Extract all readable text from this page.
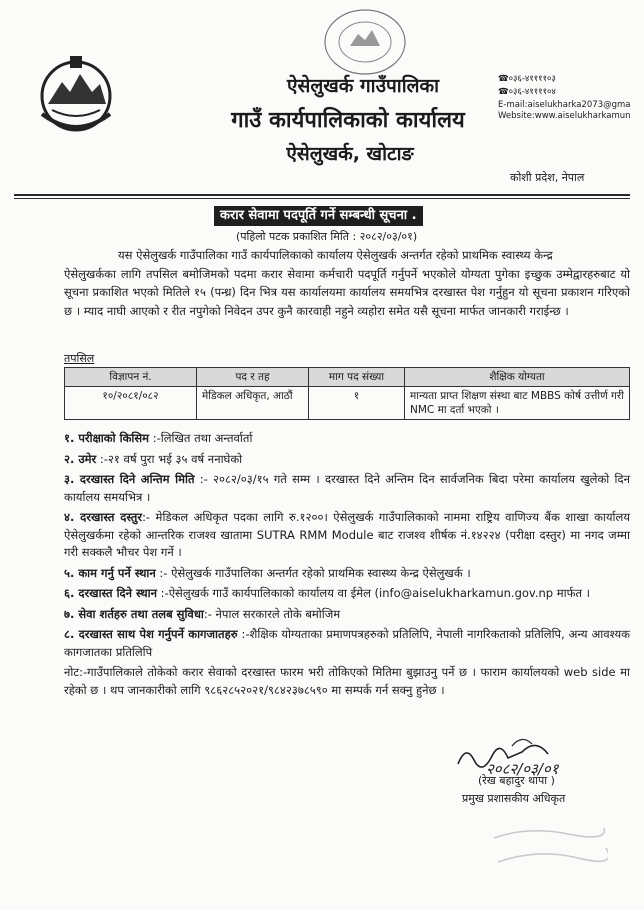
ऐसेलुखर्क गाउँपालिका
गाउँ कार्यपालिकाको कार्यालय
ऐसेलुखर्क, खोटाङ
☎०३६-४११११०३
☎०३६-४११११०४
E-mail:aiselukharka2073@gma
Website:www.aiselukharkamun
कोशी प्रदेश, नेपाल
करार सेवामा पदपूर्ति गर्ने सम्बन्धी सूचना .
(पहिलो पटक प्रकाशित मिति : २०८२/०३/०१)
यस ऐसेलुखर्क गाउँपालिका गाउँ कार्यपालिकाको कार्यालय ऐसेलुखर्क अन्तर्गत रहेको प्राथमिक स्वास्थ्य केन्द्र
ऐसेलुखर्कका लागि तपसिल बमोजिमको पदमा करार सेवामा कर्मचारी पदपूर्ति गर्नुपर्ने भएकोले योग्यता पुगेका इच्छुक उम्मेद्वारहरुबाट यो सूचना प्रकाशित भएको मितिले १५ (पन्ध्र) दिन भित्र यस कार्यालयमा कार्यालय समयभित्र दरखास्त पेश गर्नुहुन यो सूचना प्रकाशन गरिएको छ । म्याद नाघी आएको र रीत नपुगेको निवेदन उपर कुनै कारवाही नहुने व्यहोरा समेत यसै सूचना मार्फत जानकारी गराईन्छ ।
तपसिल
विज्ञापन नं.	पद र तह	माग पद संख्या	शैक्षिक योग्यता
१०/२०८१/०८२	मेडिकल अधिकृत, आठौं	१	मान्यता प्राप्त शिक्षण संस्था बाट MBBS कोर्ष उत्तीर्ण गरी NMC मा दर्ता भएको ।
१. परीक्षाको किसिम :-लिखित तथा अन्तर्वार्ता
२. उमेर :-२१ वर्ष पुरा भई ३५ वर्ष ननाघेको
३. दरखास्त दिने अन्तिम मिति :- २०८२/०३/१५ गते सम्म । दरखास्त दिने अन्तिम दिन सार्वजनिक बिदा परेमा कार्यालय खुलेको दिन कार्यालय समयभित्र ।
४. दरखास्त दस्तुर:- मेडिकल अधिकृत पदका लागि रु.१२००। ऐसेलुखर्क गाउँपालिकाको नाममा राष्ट्रिय वाणिज्य बैंक शाखा कार्यालय ऐसेलुखर्कमा रहेको आन्तरिक राजश्व खातामा SUTRA RMM Module बाट राजश्व शीर्षक नं.१४२२४ (परीक्षा दस्तुर) मा नगद जम्मा गरी सक्कलै भौचर पेश गर्ने ।
५. काम गर्नु पर्ने स्थान :- ऐसेलुखर्क गाउँपालिका अन्तर्गत रहेको प्राथमिक स्वास्थ्य केन्द्र ऐसेलुखर्क ।
६. दरखास्त दिने स्थान :-ऐसेलुखर्क गाउँ कार्यपालिकाको कार्यालय वा ईमेल (info@aiselukharkamun.gov.np मार्फत ।
७. सेवा शर्तहरु तथा तलब सुविधा:- नेपाल सरकारले तोके बमोजिम
८. दरखास्त साथ पेश गर्नुपर्ने कागजातहरु :-शैक्षिक योग्यताका प्रमाणपत्रहरुको प्रतिलिपि, नेपाली नागरिकताको प्रतिलिपि, अन्य आवश्यक कागजातका प्रतिलिपि
नोट:-गाउँपालिकाले तोकेको करार सेवाको दरखास्त फारम भरी तोकिएको मितिमा बुझाउनु पर्ने छ । फाराम कार्यालयको web side मा रहेको छ । थप जानकारीको लागि ९८६२८५२०२१/९८४२३७८५९० मा सम्पर्क गर्न सक्नु हुनेछ ।
२०८२/०३/०१
(रेख बहादुर थापा )
प्रमुख प्रशासकीय अधिकृत
